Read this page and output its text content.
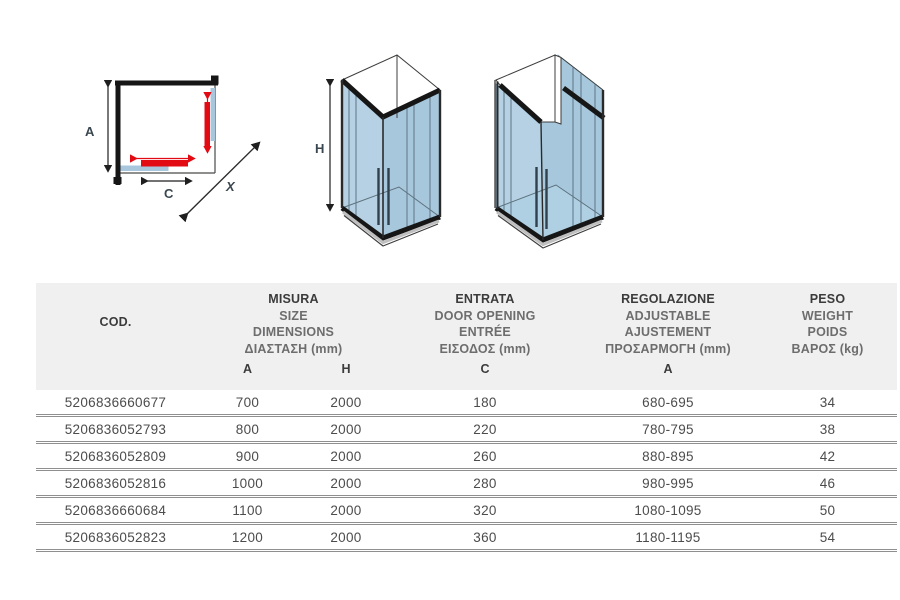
A
C	X
H
COD.
MISURA
SIZE
DIMENSIONS
ΔΙΑΣΤΑΣΗ (mm)
ENTRATA
DOOR OPENING
ENTRÉE
ΕΙΣΟΔΟΣ (mm)
REGOLAZIONE
ADJUSTABLE
AJUSTEMENT
ΠΡΟΣΑΡΜΟΓΗ (mm)
PESO
WEIGHT
POIDS
ΒΑΡΟΣ (kg)
A	H	C	A
5206836660677	700	2000	180	680-695	34
5206836052793	800	2000	220	780-795	38
5206836052809	900	2000	260	880-895	42
5206836052816	1000	2000	280	980-995	46
5206836660684	1100	2000	320	1080-1095	50
5206836052823	1200	2000	360	1180-1195	54
